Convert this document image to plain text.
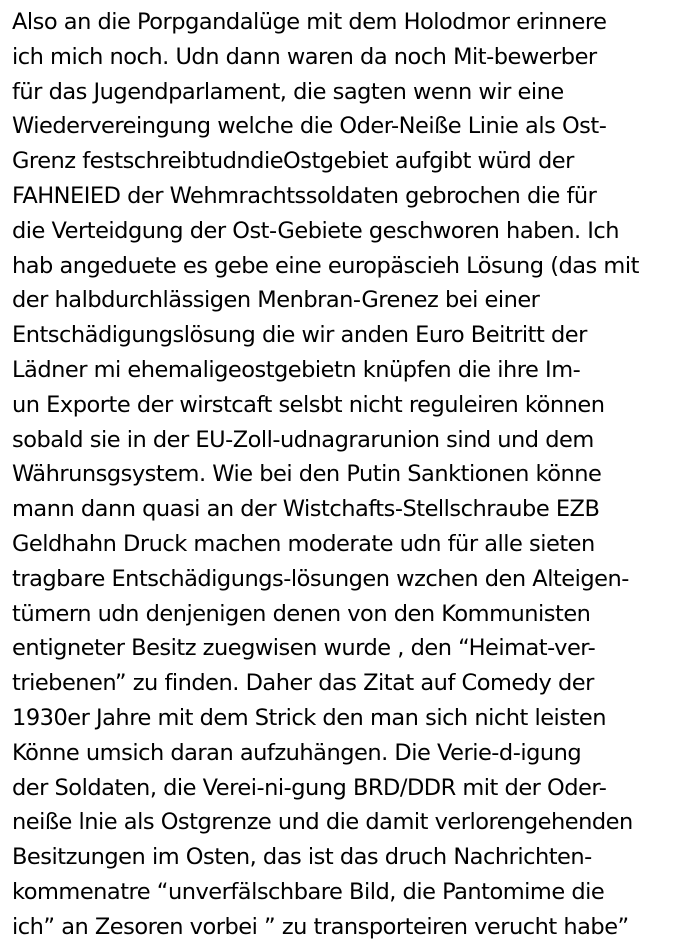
Also an die Porpgandalüge mit dem Holodmor erinnere
ich mich noch. Udn dann waren da noch Mit-bewerber
für das Jugendparlament, die sagten wenn wir eine
Wiedervereingung welche die Oder-Neiße Linie als Ost-
Grenz festschreibtudndieOstgebiet aufgibt würd der
FAHNEIED der Wehmrachtssoldaten gebrochen die für
die Verteidgung der Ost-Gebiete geschworen haben. Ich
hab angeduete es gebe eine europäscieh Lösung (das mit
der halbdurchlässigen Menbran-Grenez bei einer
Entschädigungslösung die wir anden Euro Beitritt der
Lädner mi ehemaligeostgebietn knüpfen die ihre Im-
un Exporte der wirstcaft selsbt nicht reguleiren können
sobald sie in der EU-Zoll-udnagrarunion sind und dem
Währunsgsystem. Wie bei den Putin Sanktionen könne
mann dann quasi an der Wistchafts-Stellschraube EZB
Geldhahn Druck machen moderate udn für alle sieten
tragbare Entschädigungs-lösungen wzchen den Alteigen-
tümern udn denjenigen denen von den Kommunisten
entigneter Besitz zuegwisen wurde , den “Heimat-ver-
triebenen” zu finden. Daher das Zitat auf Comedy der
1930er Jahre mit dem Strick den man sich nicht leisten
Könne umsich daran aufzuhängen. Die Verie-d-igung
der Soldaten, die Verei-ni-gung BRD/DDR mit der Oder-
neiße lnie als Ostgrenze und die damit verlorengehenden
Besitzungen im Osten, das ist das druch Nachrichten-
kommenatre “unverfälschbare Bild, die Pantomime die
ich” an Zesoren vorbei ” zu transporteiren verucht habe”
